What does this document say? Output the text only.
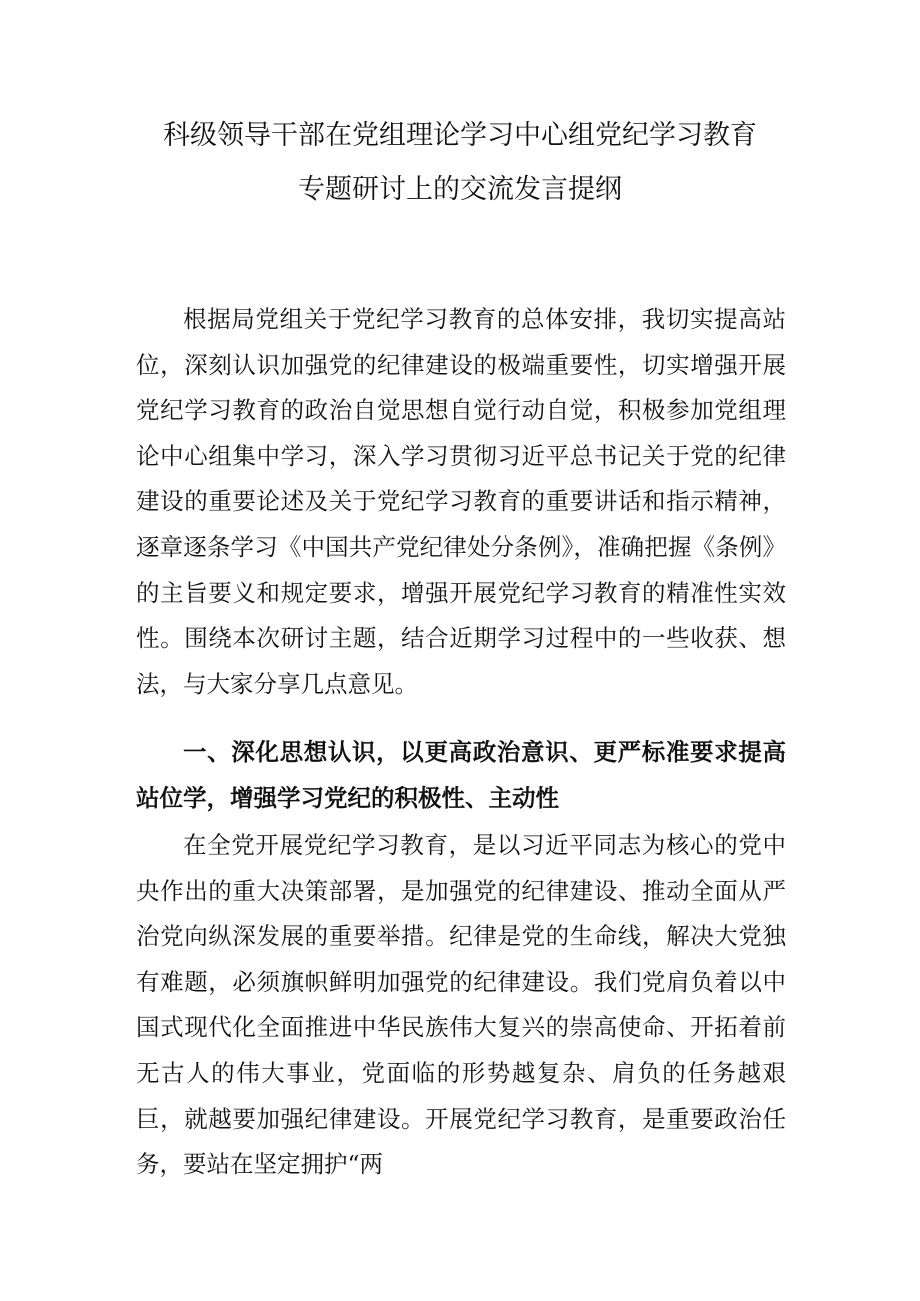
科级领导干部在党组理论学习中心组党纪学习教育
专题研讨上的交流发言提纲

根据局党组关于党纪学习教育的总体安排，我切实提高站位，深刻认识加强党的纪律建设的极端重要性，切实增强开展党纪学习教育的政治自觉思想自觉行动自觉，积极参加党组理论中心组集中学习，深入学习贯彻习近平总书记关于党的纪律建设的重要论述及关于党纪学习教育的重要讲话和指示精神，逐章逐条学习《中国共产党纪律处分条例》，准确把握《条例》的主旨要义和规定要求，增强开展党纪学习教育的精准性实效性。围绕本次研讨主题，结合近期学习过程中的一些收获、想法，与大家分享几点意见。

一、深化思想认识，以更高政治意识、更严标准要求提高站位学，增强学习党纪的积极性、主动性

在全党开展党纪学习教育，是以习近平同志为核心的党中央作出的重大决策部署，是加强党的纪律建设、推动全面从严治党向纵深发展的重要举措。纪律是党的生命线，解决大党独有难题，必须旗帜鲜明加强党的纪律建设。我们党肩负着以中国式现代化全面推进中华民族伟大复兴的崇高使命、开拓着前无古人的伟大事业，党面临的形势越复杂、肩负的任务越艰巨，就越要加强纪律建设。开展党纪学习教育，是重要政治任务，要站在坚定拥护“两
